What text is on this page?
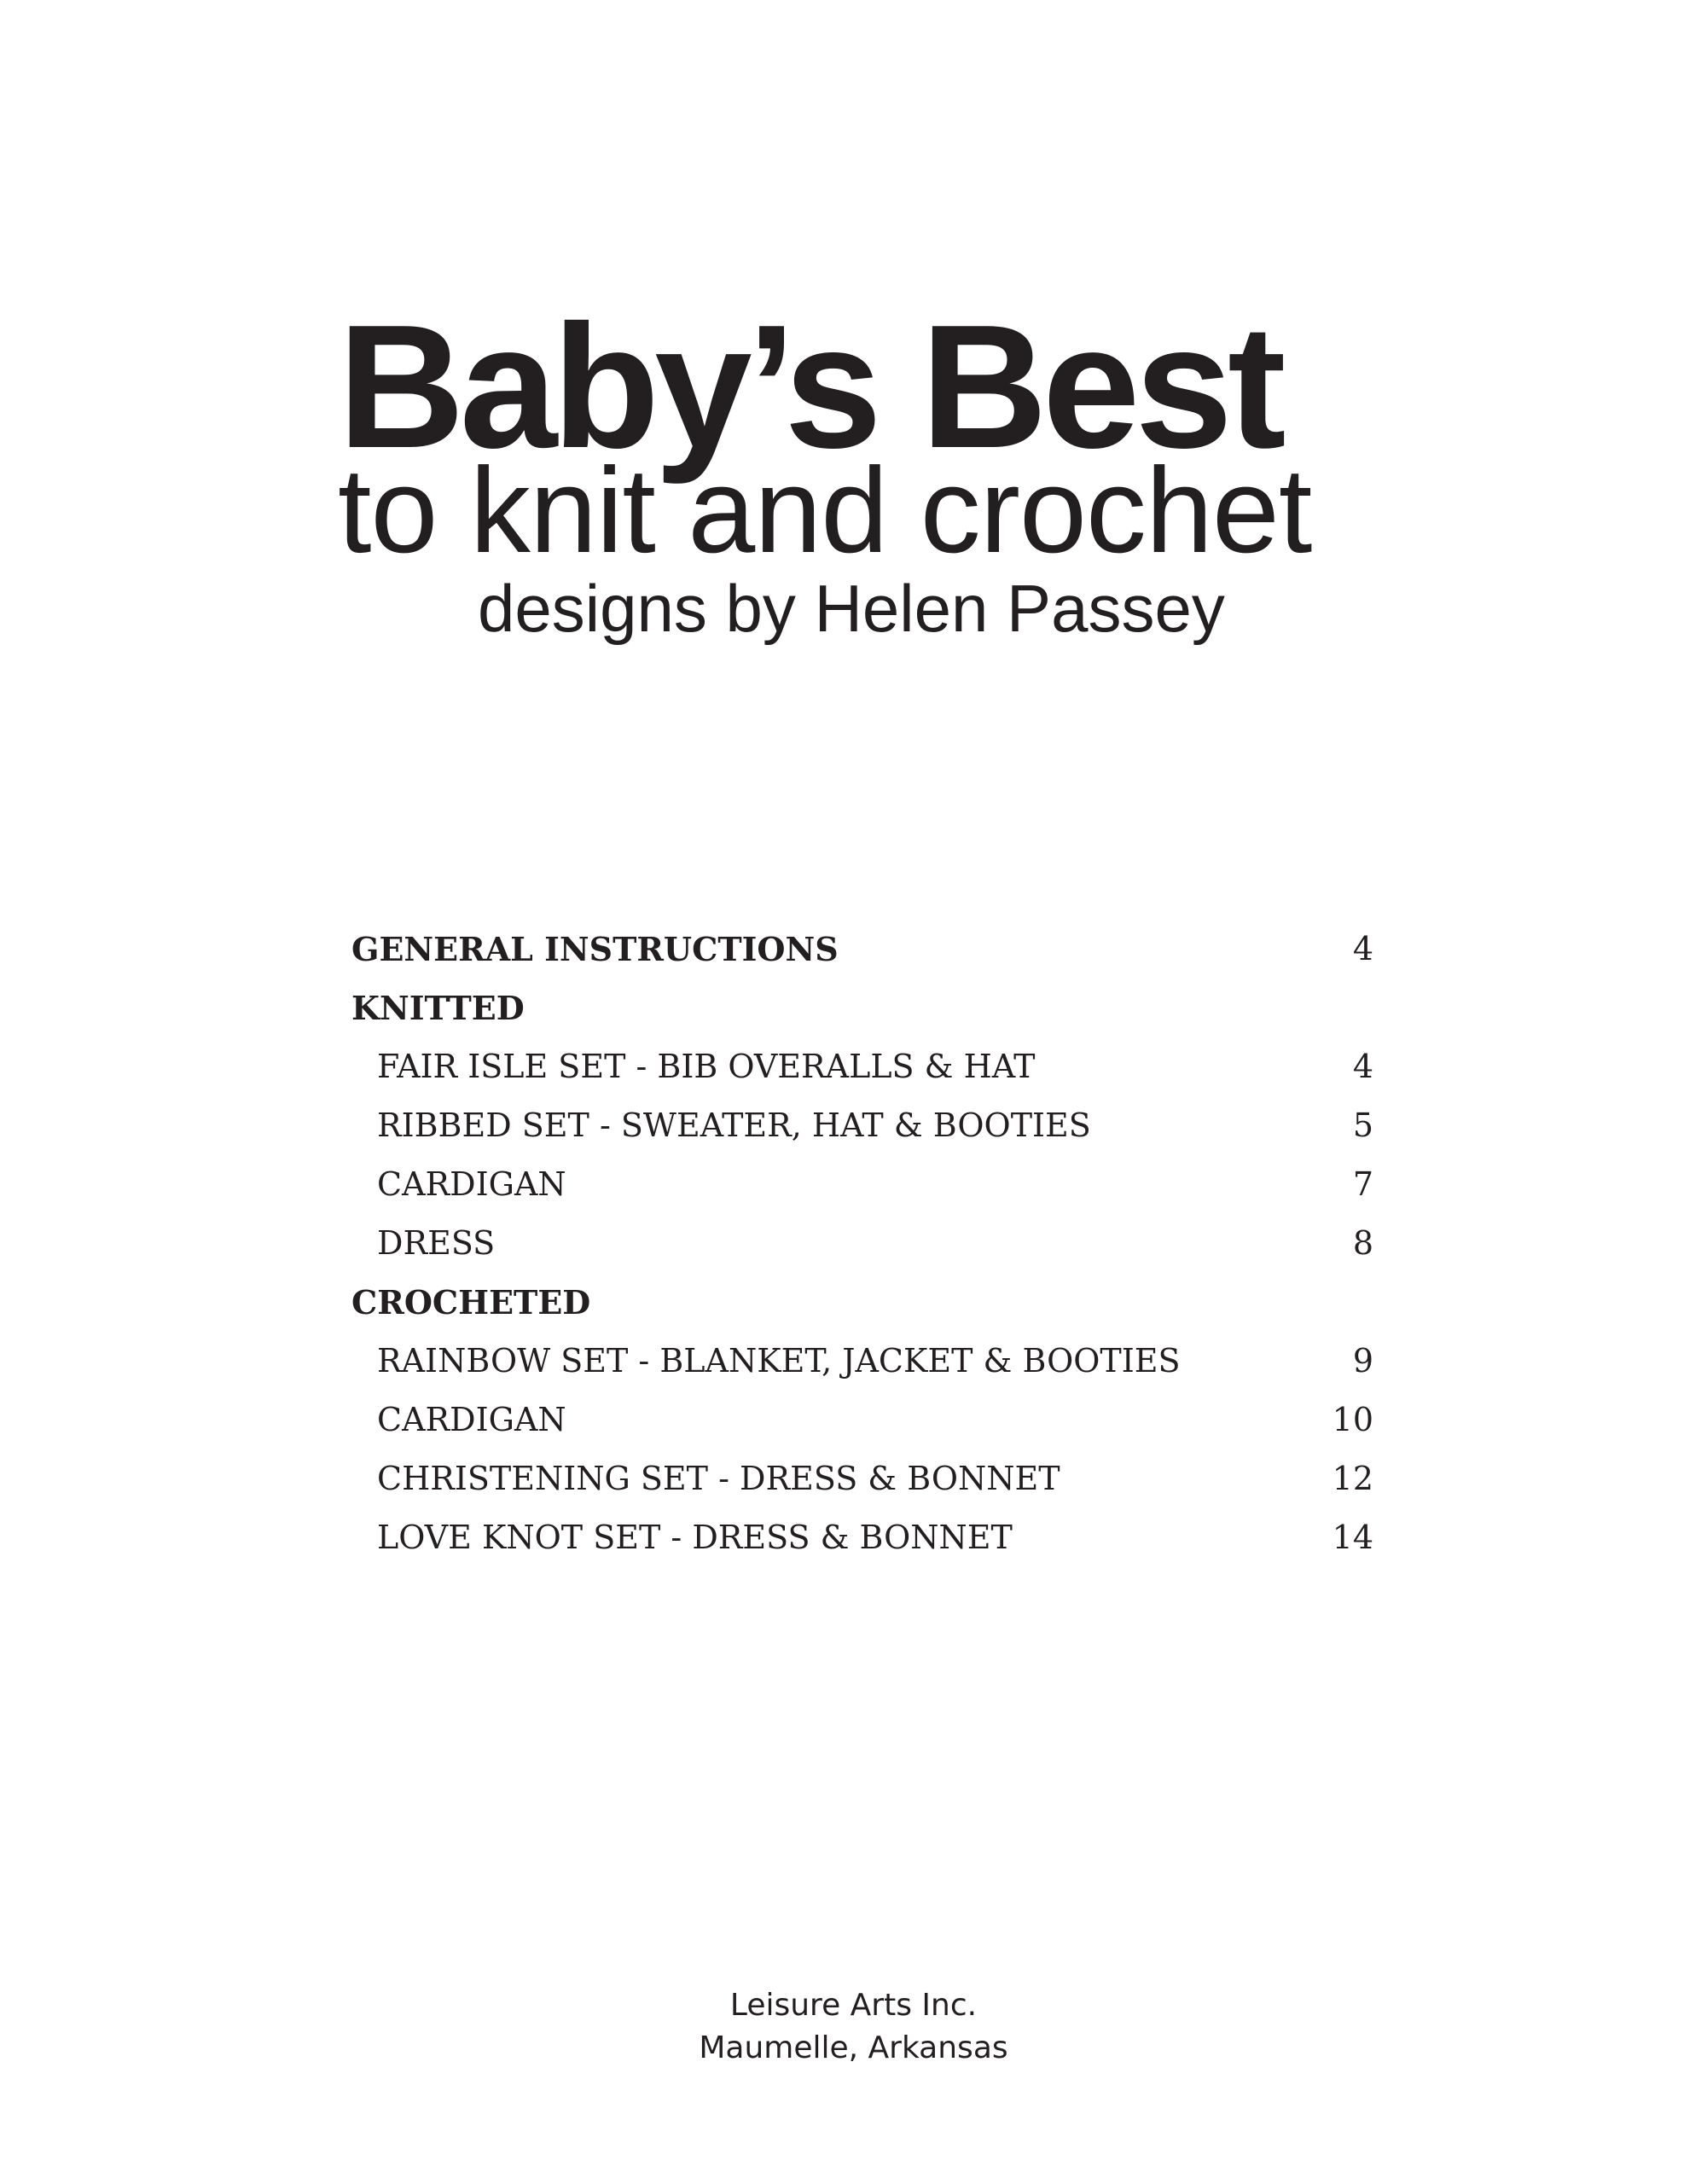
Baby’s Best
to knit and crochet
designs by Helen Passey
GENERAL INSTRUCTIONS	4
KNITTED
FAIR ISLE SET - BIB OVERALLS & HAT	4
RIBBED SET - SWEATER, HAT & BOOTIES	5
CARDIGAN	7
DRESS	8
CROCHETED
RAINBOW SET - BLANKET, JACKET & BOOTIES	9
CARDIGAN	10
CHRISTENING SET - DRESS & BONNET	12
LOVE KNOT SET - DRESS & BONNET	14
Leisure Arts Inc.
Maumelle, Arkansas
